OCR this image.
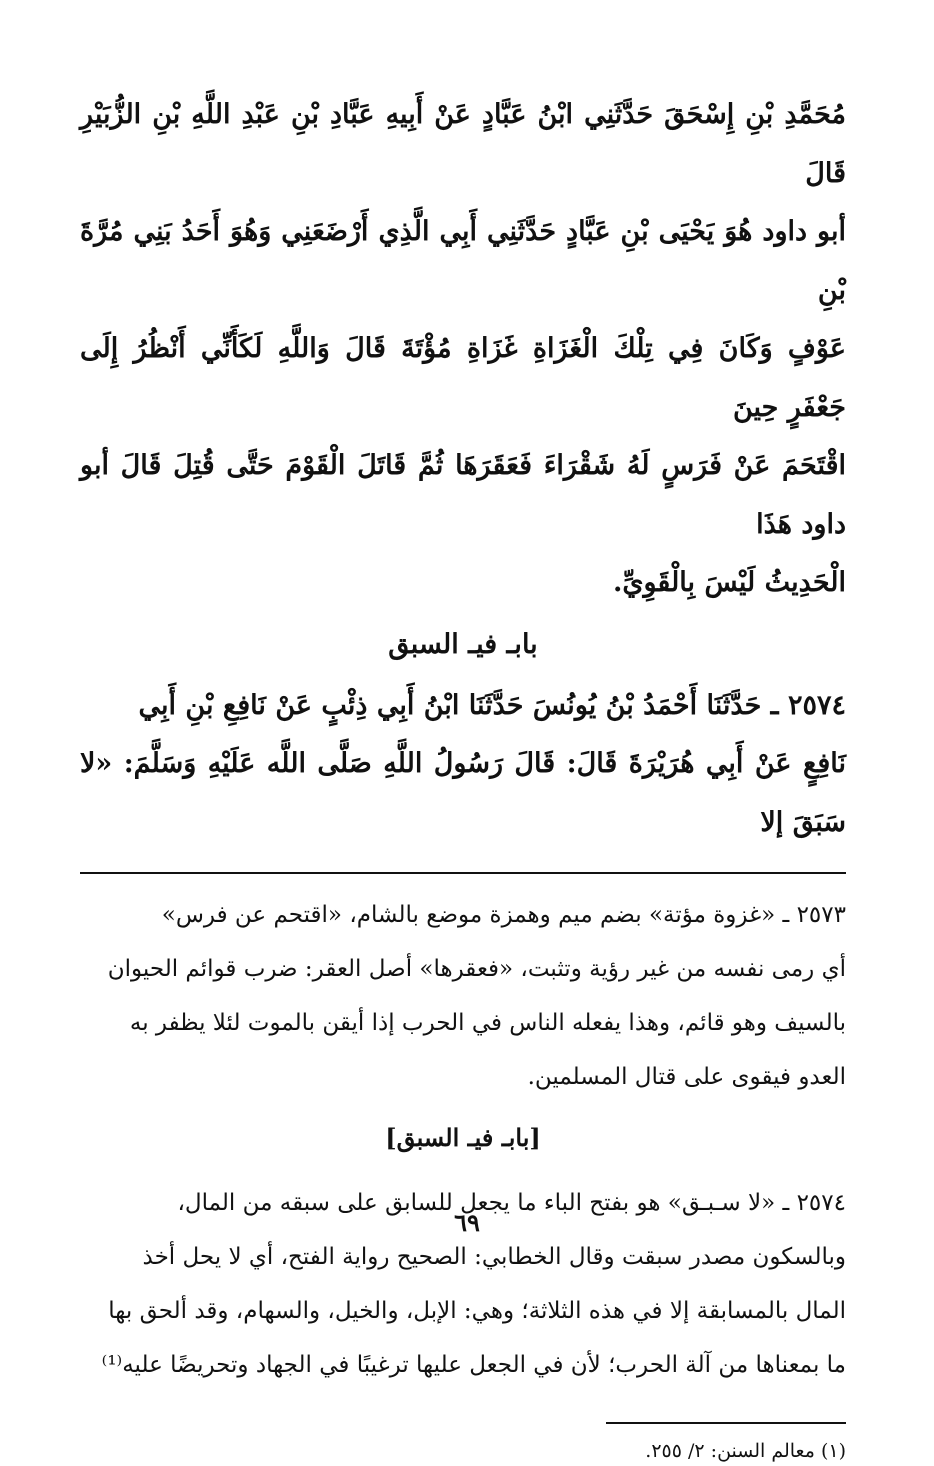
مُحَمَّدِ بْنِ إِسْحَقَ حَدَّثَنِي ابْنُ عَبَّادٍ عَنْ أَبِيهِ عَبَّادِ بْنِ عَبْدِ اللَّهِ بْنِ الزُّبَيْرِ قَالَ

أبو داود هُوَ يَحْيَى بْنِ عَبَّادٍ حَدَّثَنِي أَبِي الَّذِي أَرْضَعَنِي وَهُوَ أَحَدُ بَنِي مُرَّةَ بْنِ

عَوْفٍ وَكَانَ فِي تِلْكَ الْغَزَاةِ غَزَاةِ مُؤْتَةَ قَالَ وَاللَّهِ لَكَأَنِّي أَنْظُرُ إِلَى جَعْفَرٍ حِينَ

اقْتَحَمَ عَنْ فَرَسٍ لَهُ شَقْرَاءَ فَعَقَرَهَا ثُمَّ قَاتَلَ الْقَوْمَ حَتَّى قُتِلَ قَالَ أبو داود هَذَا

الْحَدِيثُ لَيْسَ بِالْقَوِيِّ.

بابـ فيـ السبق

٢٥٧٤ ـ حَدَّثَنَا أَحْمَدُ بْنُ يُونُسَ حَدَّثَنَا ابْنُ أَبِي ذِئْبٍ عَنْ نَافِعِ بْنِ أَبِي

نَافِعٍ عَنْ أَبِي هُرَيْرَةَ قَالَ: قَالَ رَسُولُ اللَّهِ صَلَّى اللَّه عَلَيْهِ وَسَلَّمَ: «لا سَبَقَ إلا

٢٥٧٣ ـ «غزوة مؤتة» بضم ميم وهمزة موضع بالشام، «اقتحم عن فرس»

أي رمى نفسه من غير رؤية وتثبت، «فعقرها» أصل العقر: ضرب قوائم الحيوان

بالسيف وهو قائم، وهذا يفعله الناس في الحرب إذا أيقن بالموت لئلا يظفر به

العدو فيقوى على قتال المسلمين.

[بابـ فيـ السبق]

٢٥٧٤ ـ «لا سـبـق» هو بفتح الباء ما يجعل للسابق على سبقه من المال،

وبالسكون مصدر سبقت وقال الخطابي: الصحيح رواية الفتح، أي لا يحل أخذ

المال بالمسابقة إلا في هذه الثلاثة؛ وهي: الإبل، والخيل، والسهام، وقد ألحق بها

ما بمعناها من آلة الحرب؛ لأن في الجعل عليها ترغيبًا في الجهاد وتحريضًا عليه⁽¹⁾

(١) معالم السنن: ٢/ ٢٥٥.
٦٩
